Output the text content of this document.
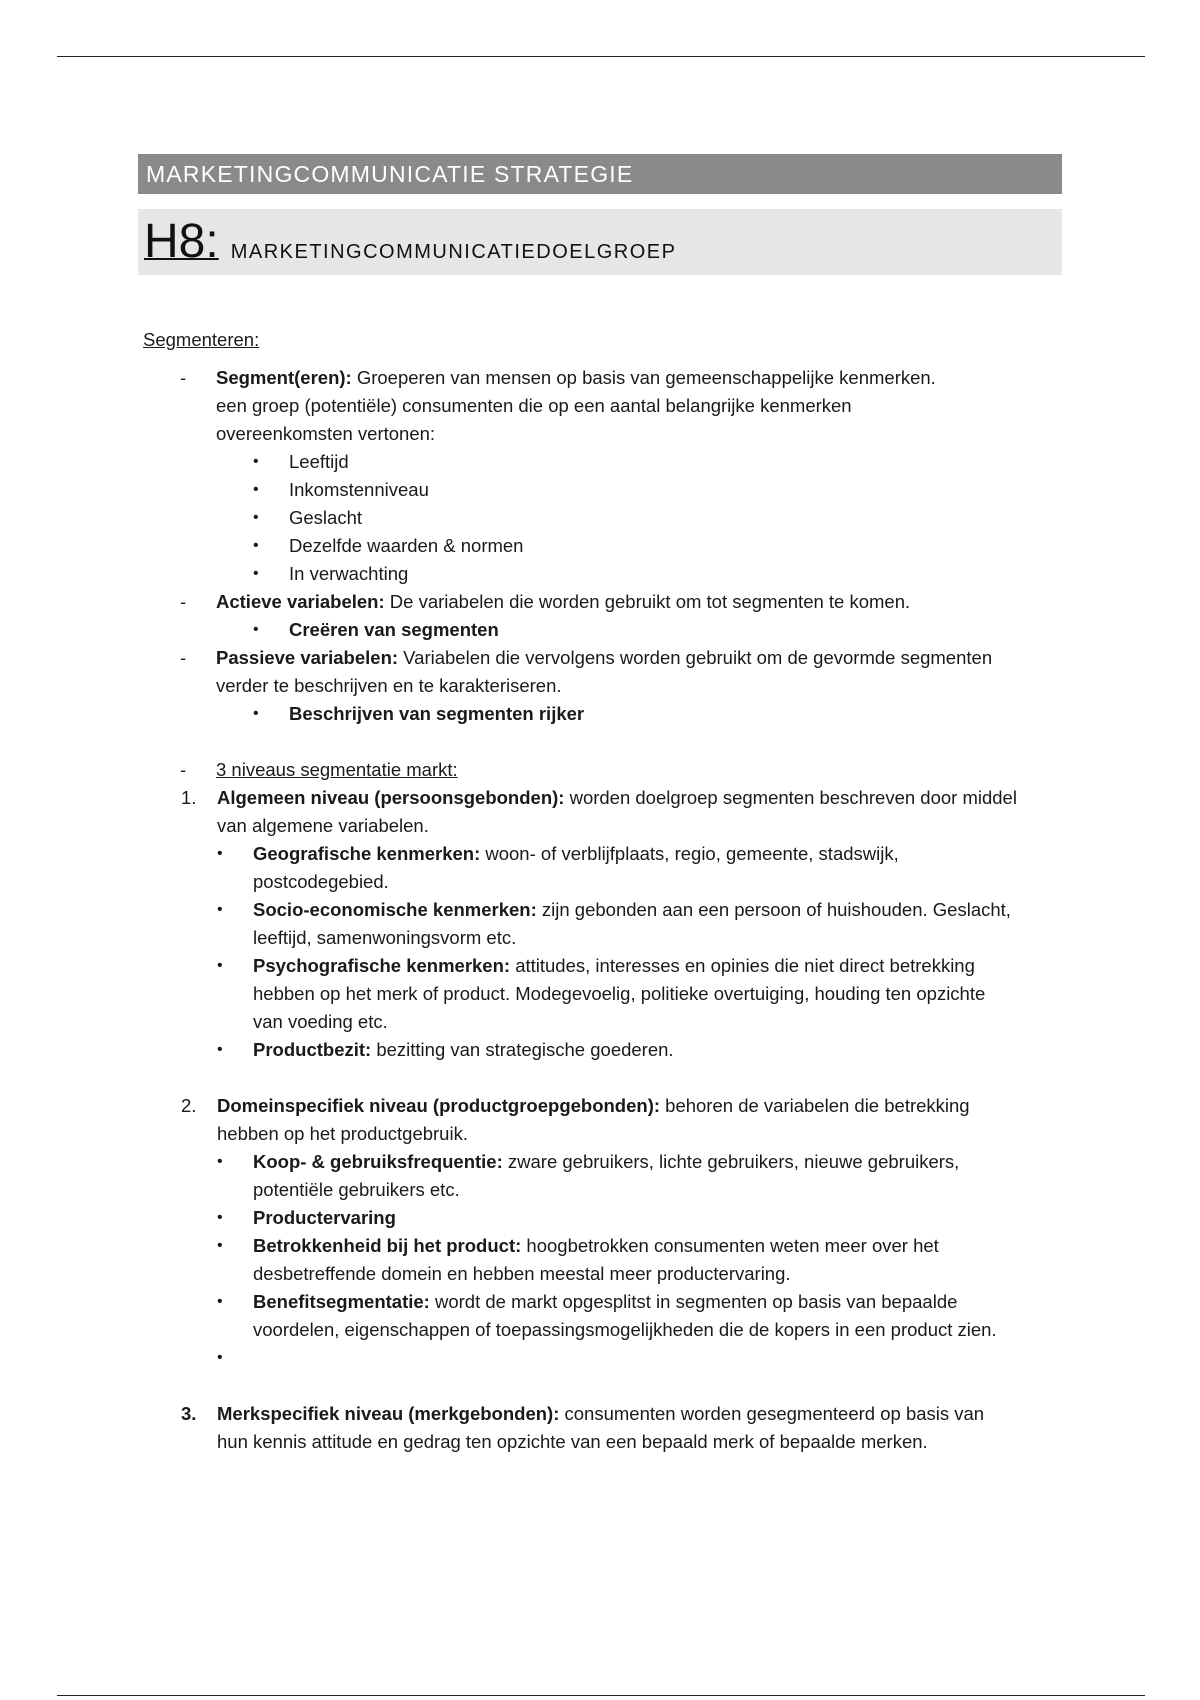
MARKETINGCOMMUNICATIE STRATEGIE
H8: MARKETINGCOMMUNICATIEDOELGROEP
Segmenteren:
- Segment(eren): Groeperen van mensen op basis van gemeenschappelijke kenmerken.
een groep (potentiële) consumenten die op een aantal belangrijke kenmerken overeenkomsten vertonen:
• Leeftijd
• Inkomstenniveau
• Geslacht
• Dezelfde waarden & normen
• In verwachting
- Actieve variabelen: De variabelen die worden gebruikt om tot segmenten te komen.
• Creëren van segmenten
- Passieve variabelen: Variabelen die vervolgens worden gebruikt om de gevormde segmenten verder te beschrijven en te karakteriseren.
• Beschrijven van segmenten rijker
- 3 niveaus segmentatie markt:
1. Algemeen niveau (persoonsgebonden): worden doelgroep segmenten beschreven door middel van algemene variabelen.
• Geografische kenmerken: woon- of verblijfplaats, regio, gemeente, stadswijk, postcodegebied.
• Socio-economische kenmerken: zijn gebonden aan een persoon of huishouden. Geslacht, leeftijd, samenwoningsvorm etc.
• Psychografische kenmerken: attitudes, interesses en opinies die niet direct betrekking hebben op het merk of product. Modegevoelig, politieke overtuiging, houding ten opzichte van voeding etc.
• Productbezit: bezitting van strategische goederen.
2. Domeinspecifiek niveau (productgroepgebonden): behoren de variabelen die betrekking hebben op het productgebruik.
• Koop- & gebruiksfrequentie: zware gebruikers, lichte gebruikers, nieuwe gebruikers, potentiële gebruikers etc.
• Productervaring
• Betrokkenheid bij het product: hoogbetrokken consumenten weten meer over het desbetreffende domein en hebben meestal meer productervaring.
• Benefitsegmentatie: wordt de markt opgesplitst in segmenten op basis van bepaalde voordelen, eigenschappen of toepassingsmogelijkheden die de kopers in een product zien.
•
3. Merkspecifiek niveau (merkgebonden): consumenten worden gesegmenteerd op basis van hun kennis attitude en gedrag ten opzichte van een bepaald merk of bepaalde merken.
